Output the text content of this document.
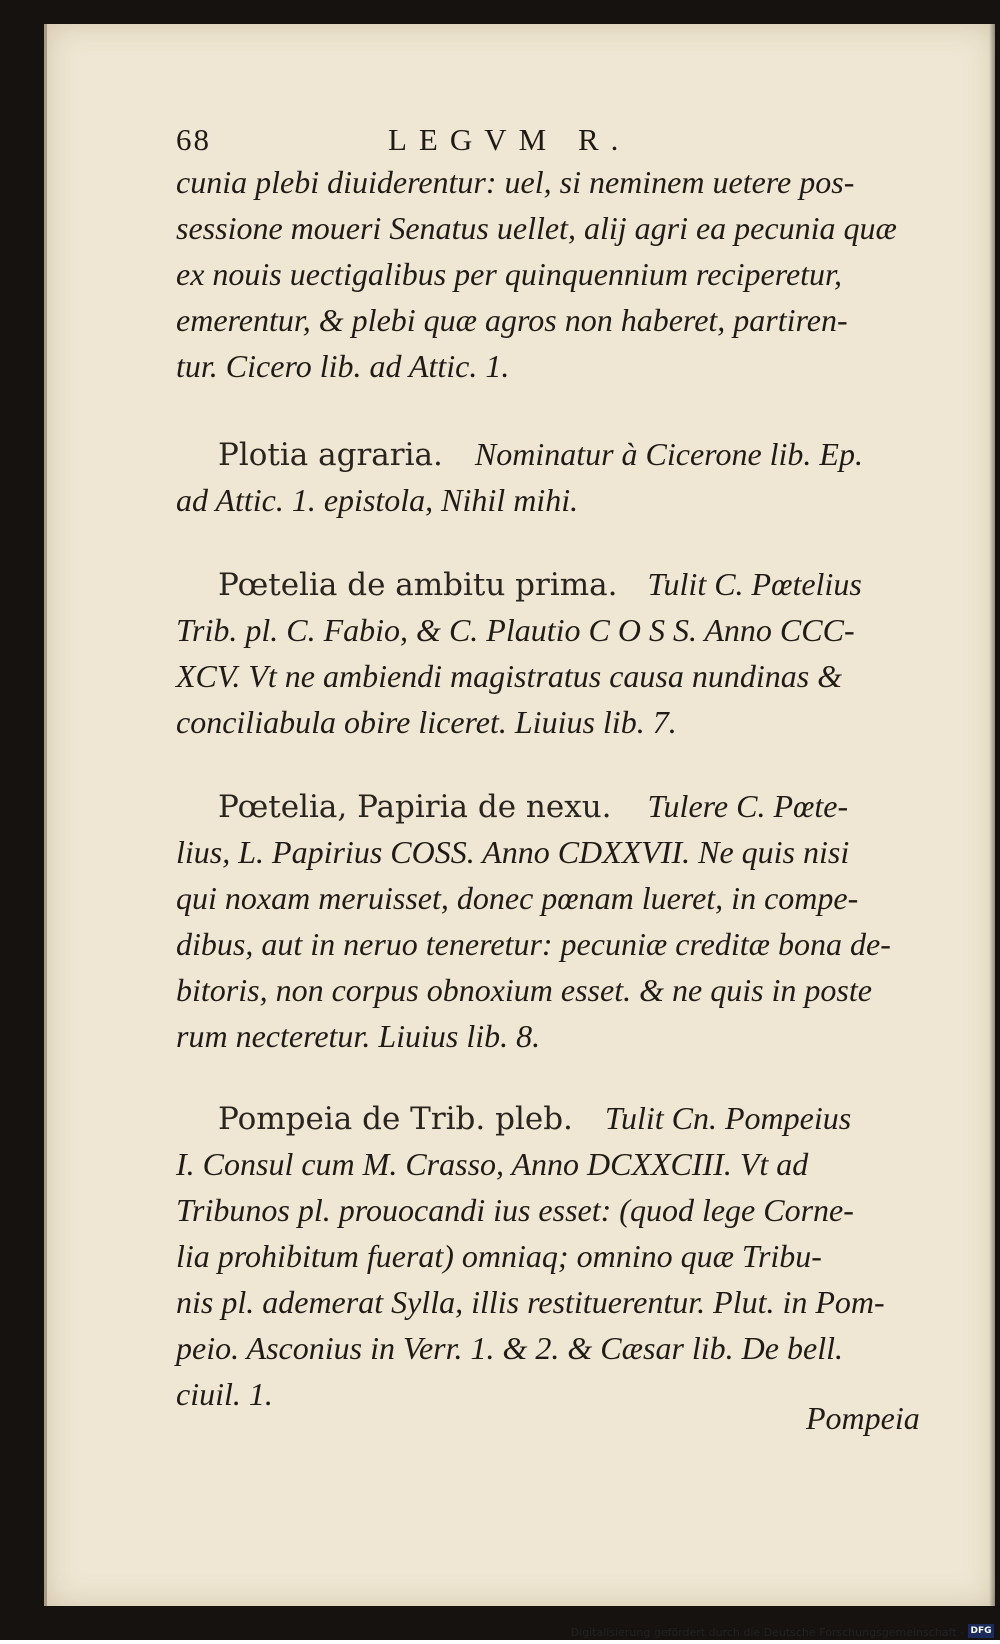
68	LEGVM R.
cunia plebi diuiderentur: uel, si neminem uetere pos-
sessione moueri Senatus uellet, alij agri ea pecunia quæ
ex nouis uectigalibus per quinquennium reciperetur,
emerentur, & plebi quæ agros non haberet, partiren-
tur. Cicero lib. ad Attic. 1.
Plotia agraria. Nominatur à Cicerone lib. Ep.
ad Attic. 1. epistola, Nihil mihi.
Pœtelia de ambitu prima. Tulit C. Pœtelius
Trib. pl. C. Fabio, & C. Plautio C O S S. Anno CCC-
XCV. Vt ne ambiendi magistratus causa nundinas &
conciliabula obire liceret. Liuius lib. 7.
Pœtelia, Papiria de nexu. Tulere C. Pœte-
lius, L. Papirius COSS. Anno CDXXVII. Ne quis nisi
qui noxam meruisset, donec pœnam lueret, in compe-
dibus, aut in neruo teneretur: pecuniæ creditæ bona de-
bitoris, non corpus obnoxium esset. & ne quis in poste
rum necteretur. Liuius lib. 8.
Pompeia de Trib. pleb. Tulit Cn. Pompeius
I. Consul cum M. Crasso, Anno DCXXCIII. Vt ad
Tribunos pl. prouocandi ius esset: (quod lege Corne-
lia prohibitum fuerat) omniaq; omnino quæ Tribu-
nis pl. ademerat Sylla, illis restituerentur. Plut. in Pom-
peio. Asconius in Verr. 1. & 2. & Cæsar lib. De bell.
ciuil. 1.
Pompeia
Digitalisierung gefördert durch die Deutsche Forschungsgemeinschaft - DFG
